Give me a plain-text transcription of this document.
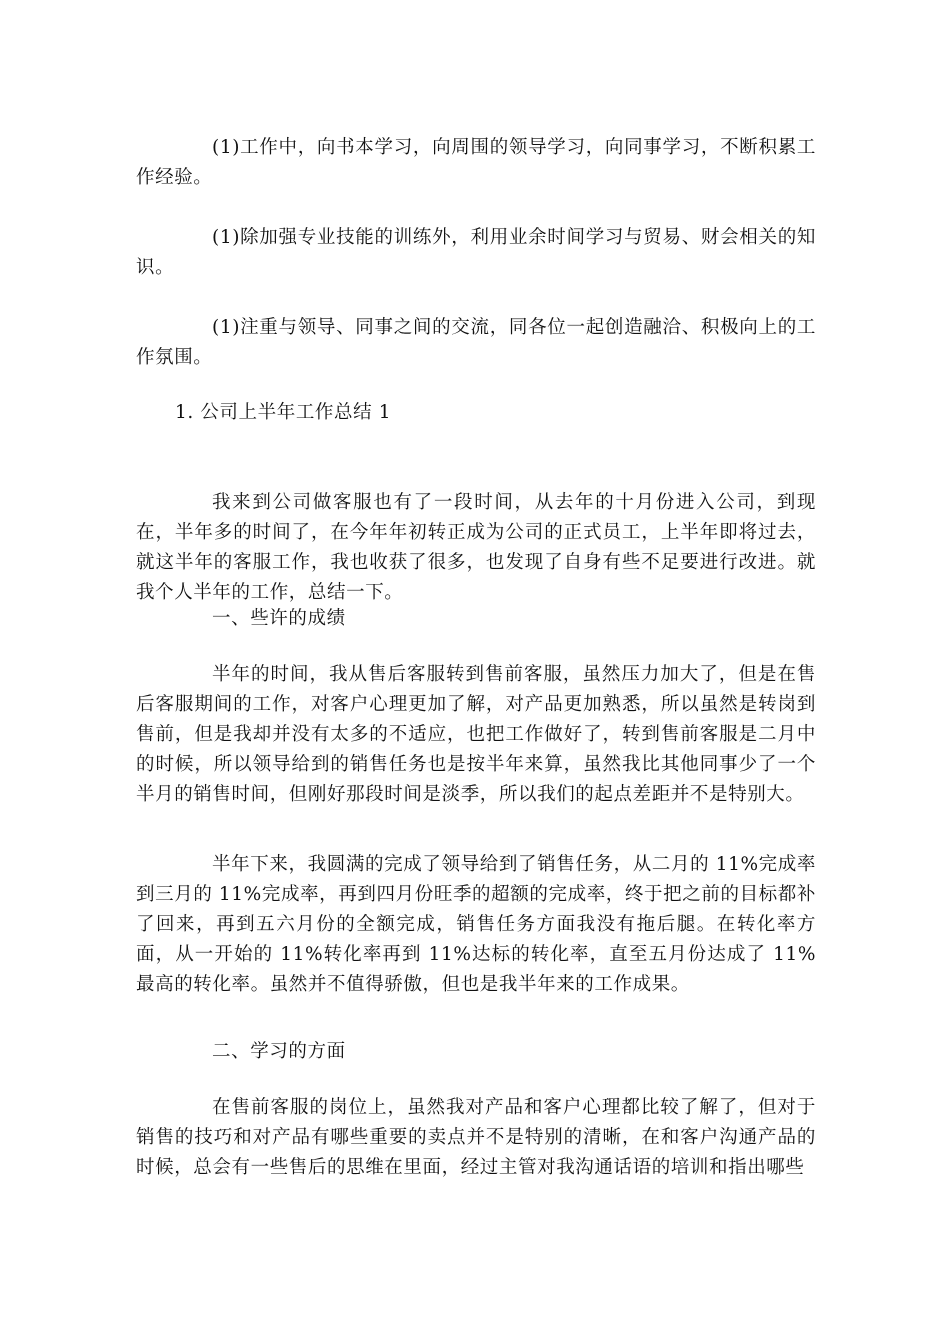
(1)工作中，向书本学习，向周围的领导学习，向同事学习，不断积累工作经验。

(1)除加强专业技能的训练外，利用业余时间学习与贸易、财会相关的知识。

(1)注重与领导、同事之间的交流，同各位一起创造融洽、积极向上的工作氛围。

1. 公司上半年工作总结 1

我来到公司做客服也有了一段时间，从去年的十月份进入公司，到现在，半年多的时间了，在今年年初转正成为公司的正式员工，上半年即将过去，就这半年的客服工作，我也收获了很多，也发现了自身有些不足要进行改进。就我个人半年的工作，总结一下。

一、些许的成绩

半年的时间，我从售后客服转到售前客服，虽然压力加大了，但是在售后客服期间的工作，对客户心理更加了解，对产品更加熟悉，所以虽然是转岗到售前，但是我却并没有太多的不适应，也把工作做好了，转到售前客服是二月中的时候，所以领导给到的销售任务也是按半年来算，虽然我比其他同事少了一个半月的销售时间，但刚好那段时间是淡季，所以我们的起点差距并不是特别大。

半年下来，我圆满的完成了领导给到了销售任务，从二月的 11%完成率到三月的 11%完成率，再到四月份旺季的超额的完成率，终于把之前的目标都补了回来，再到五六月份的全额完成，销售任务方面我没有拖后腿。在转化率方面，从一开始的 11%转化率再到 11%达标的转化率，直至五月份达成了 11%最高的转化率。虽然并不值得骄傲，但也是我半年来的工作成果。

二、学习的方面

在售前客服的岗位上，虽然我对产品和客户心理都比较了解了，但对于销售的技巧和对产品有哪些重要的卖点并不是特别的清晰，在和客户沟通产品的时候，总会有一些售后的思维在里面，经过主管对我沟通话语的培训和指出哪些
